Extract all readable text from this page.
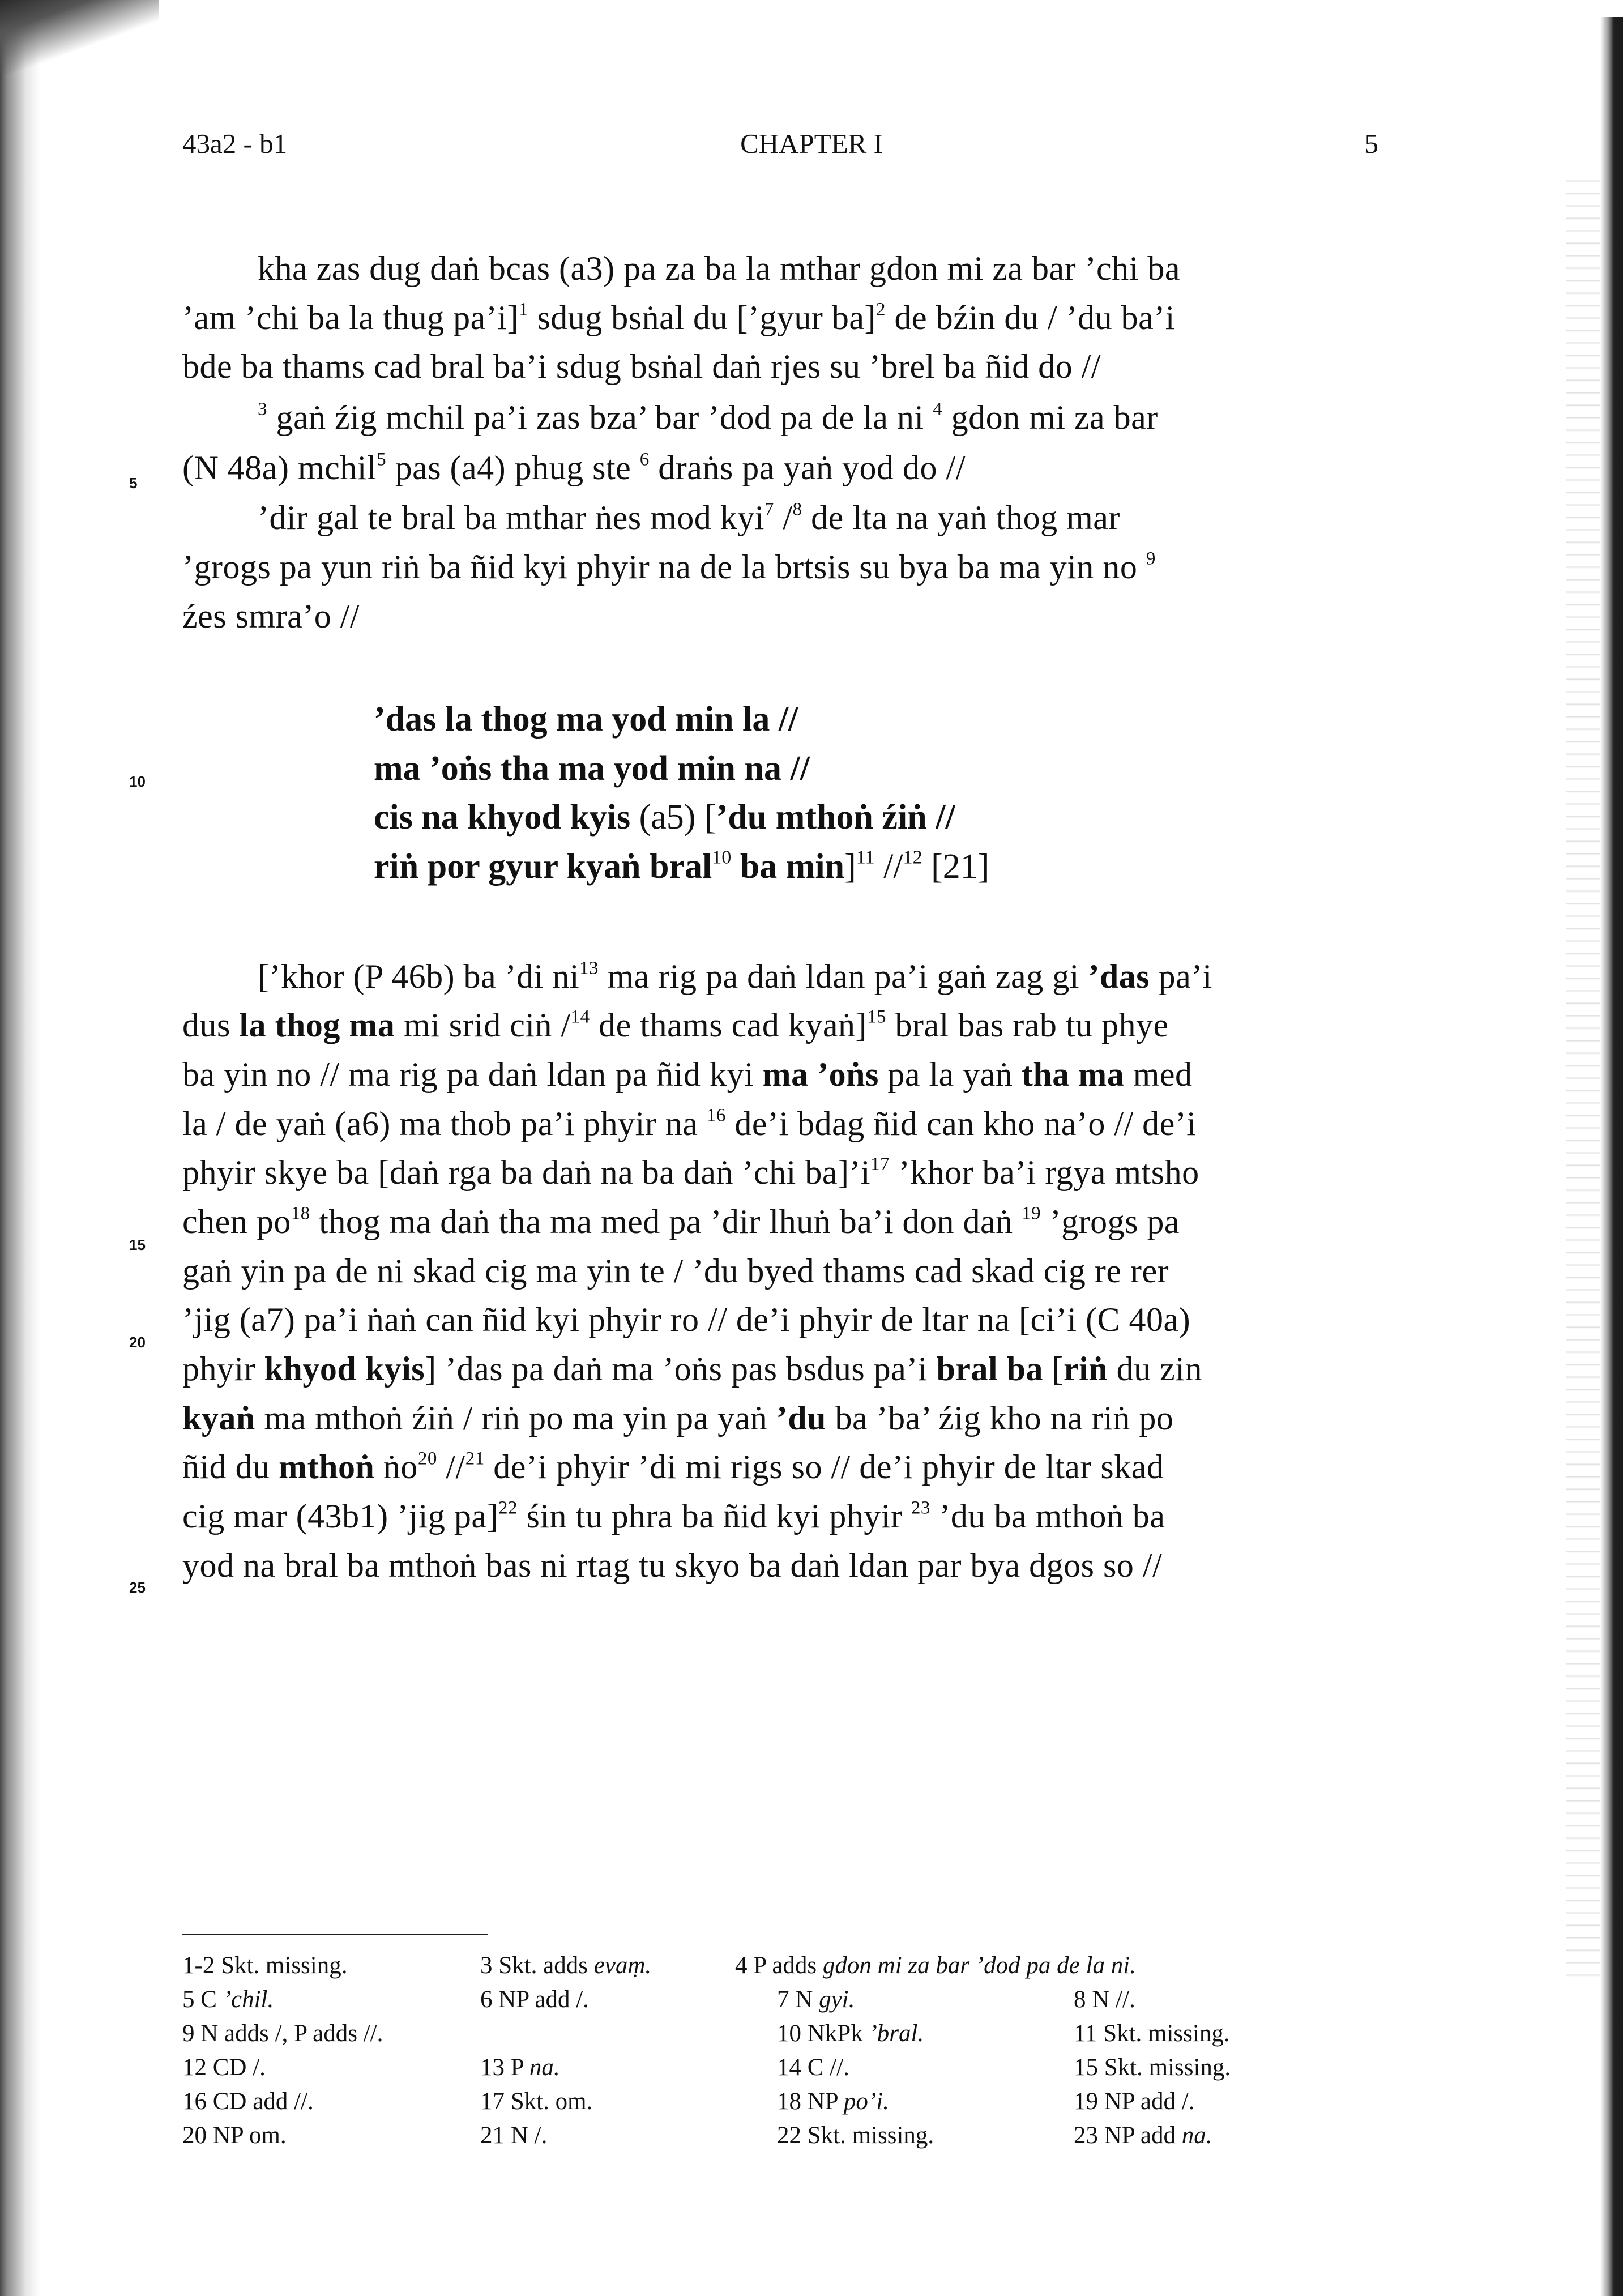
43a2 - b1	CHAPTER I	5
5
10
15
20
25
kha zas dug daṅ bcas (a3) pa za ba la mthar gdon mi za bar ’chi ba
’am ’chi ba la thug pa’i]$^1$ sdug bsṅal du [’gyur ba]$^2$ de bźin du / ’du ba’i
bde ba thams cad bral ba’i sdug bsṅal daṅ rjes su ’brel ba ñid do //
$^3$ gaṅ źig mchil pa’i zas bza’ bar ’dod pa de la ni $^4$ gdon mi za bar
(N 48a) mchil$^5$ pas (a4) phug ste $^6$ draṅs pa yaṅ yod do //
’dir gal te bral ba mthar ṅes mod kyi$^7$ /$^8$ de lta na yaṅ thog mar
’grogs pa yun riṅ ba ñid kyi phyir na de la brtsis su bya ba ma yin no $^9$
źes smra’o //
’das la thog ma yod min la //
ma ’oṅs tha ma yod min na //
cis na khyod kyis (a5) [’du mthoṅ źiṅ //
riṅ por gyur kyaṅ bral$^{10}$ ba min]$^{11}$ //$^{12}$ [21]
[’khor (P 46b) ba ’di $ni^{13}$ ma rig pa daṅ ldan pa’i gaṅ zag gi ’das pa’i
dus la thog ma mi srid ciṅ /$^{14}$ de thams cad kyaṅ]$^{15}$ bral bas rab tu phye
ba yin no // ma rig pa daṅ ldan pa ñid kyi ma ’oṅs pa la yaṅ tha ma med
la / de yaṅ (a6) ma thob pa’i phyir na $^{16}$ de’i bdag ñid can kho na’o // de’i
phyir skye ba [daṅ rga ba daṅ na ba daṅ ’chi $ba]’i^{17}$ ’khor ba’i rgya mtsho
chen $po^{18}$ thog ma daṅ tha ma med pa ’dir lhuṅ ba’i don daṅ $^{19}$ ’grogs pa
gaṅ yin pa de ni skad cig ma yin te / ’du byed thams cad skad cig re rer
’jig (a7) pa’i ṅaṅ can ñid kyi phyir ro // de’i phyir de ltar na [ci’i (C 40a)
phyir khyod kyis] ’das pa daṅ ma ’oṅs pas bsdus pa’i bral ba [riṅ du zin
kyaṅ ma mthoṅ źiṅ / riṅ po ma yin pa yaṅ ’du ba ’ba’ źig kho na riṅ po
ñid du mthoṅ ṅo$^{20}$ //$^{21}$ de’i phyir ’di mi rigs so // de’i phyir de ltar skad
cig mar (43b1) ’jig pa]$^{22}$ śin tu phra ba ñid kyi phyir $^{23}$ ’du ba mthoṅ ba
yod na bral ba mthoṅ bas ni rtag tu skyo ba daṅ ldan par bya dgos so //
1-2 Skt. missing.	3 Skt. adds evaṃ.	4 P adds gdon mi za bar ’dod pa de la ni.
5 C ’chil.	6 NP add /.	7 N gyi.	8 N //.
9 N adds /, P adds //.	10 NkPk ’bral.	11 Skt. missing.
12 CD /.	13 P na.	14 C //.	15 Skt. missing.
16 CD add //.	17 Skt. om.	18 NP po’i.	19 NP add /.
20 NP om.	21 N /.	22 Skt. missing.	23 NP add na.
